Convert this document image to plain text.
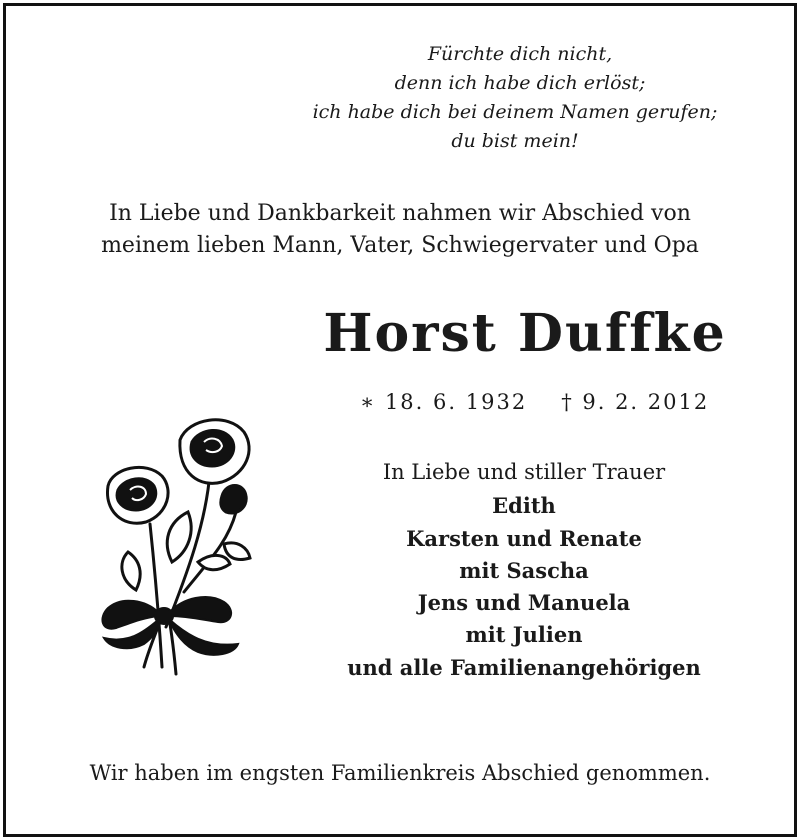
Fürchte dich nicht,
denn ich habe dich erlöst;
ich habe dich bei deinem Namen gerufen;
du bist mein!
In Liebe und Dankbarkeit nahmen wir Abschied von
meinem lieben Mann, Vater, Schwiegervater und Opa
Horst Duffke
∗ 18. 6. 1932 † 9. 2. 2012
In Liebe und stiller Trauer
Edith
Karsten und Renate
mit Sascha
Jens und Manuela
mit Julien
und alle Familienangehörigen
Wir haben im engsten Familienkreis Abschied genommen.
